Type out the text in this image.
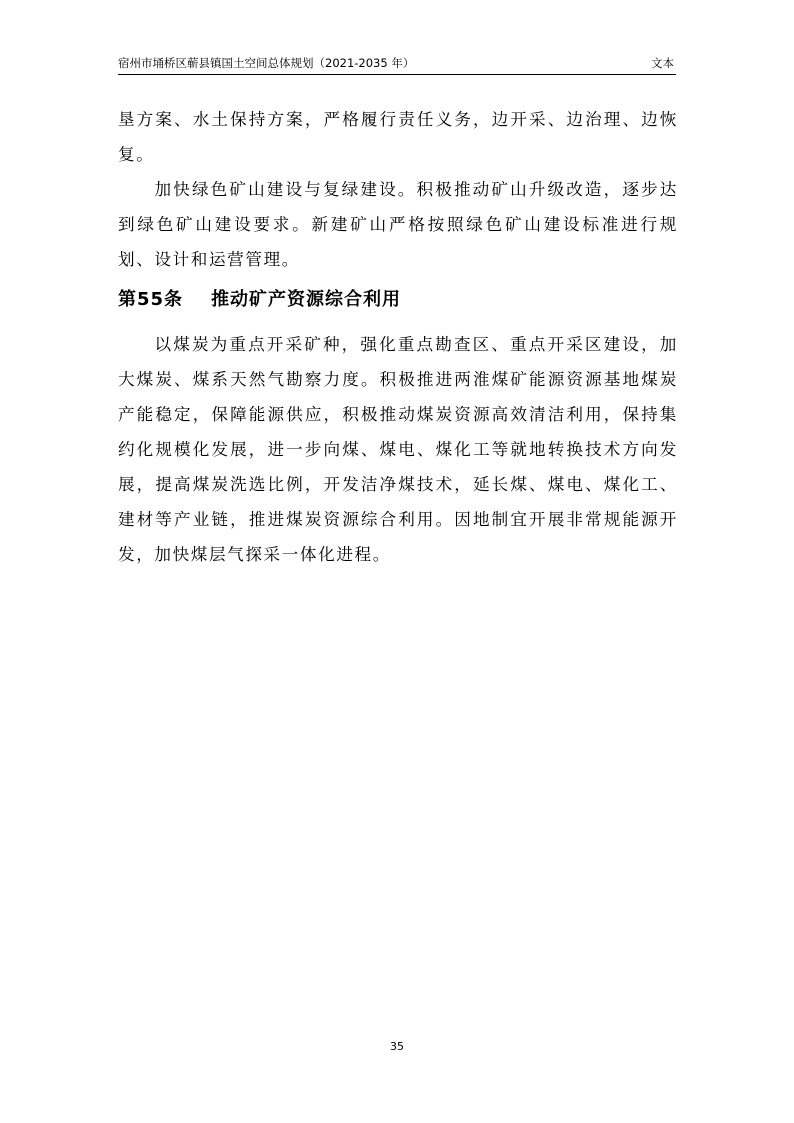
宿州市埇桥区蕲县镇国土空间总体规划（2021-2035 年）	文本

垦方案、水土保持方案，严格履行责任义务，边开采、边治理、边恢复。

加快绿色矿山建设与复绿建设。积极推动矿山升级改造，逐步达到绿色矿山建设要求。新建矿山严格按照绿色矿山建设标准进行规划、设计和运营管理。

第55条 推动矿产资源综合利用

以煤炭为重点开采矿种，强化重点勘查区、重点开采区建设，加大煤炭、煤系天然气勘察力度。积极推进两淮煤矿能源资源基地煤炭产能稳定，保障能源供应，积极推动煤炭资源高效清洁利用，保持集约化规模化发展，进一步向煤、煤电、煤化工等就地转换技术方向发展，提高煤炭洗选比例，开发洁净煤技术，延长煤、煤电、煤化工、建材等产业链，推进煤炭资源综合利用。因地制宜开展非常规能源开发，加快煤层气探采一体化进程。

35
